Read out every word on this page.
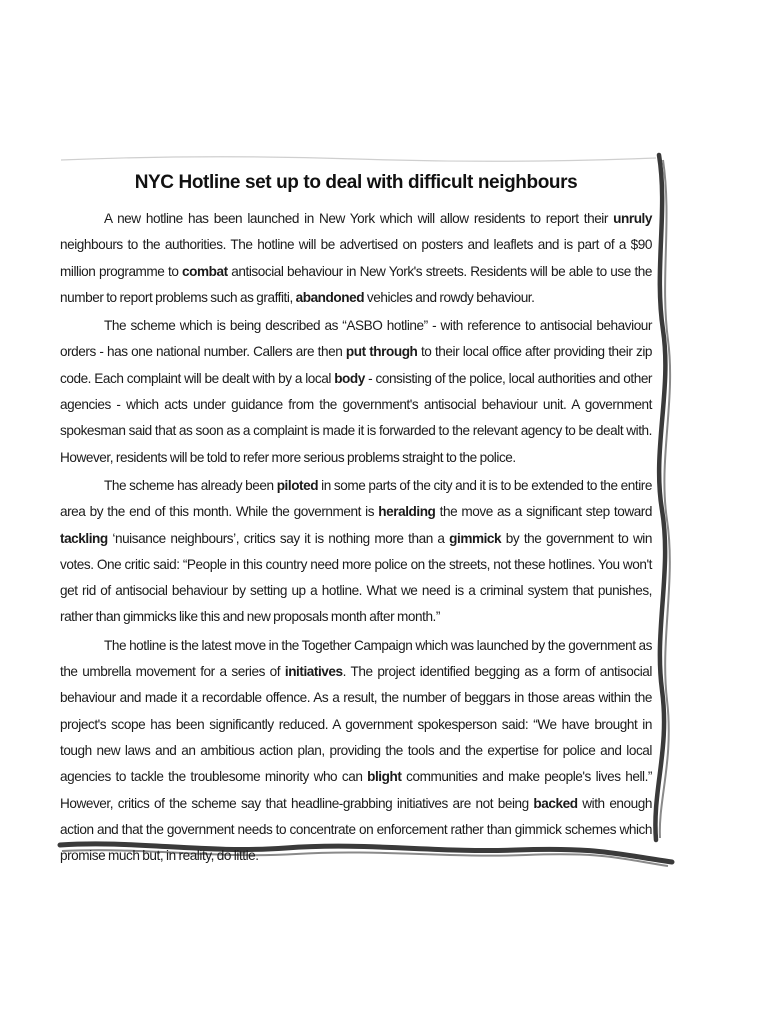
NYC Hotline set up to deal with difficult neighbours

A new hotline has been launched in New York which will allow residents to report their unruly neighbours to the authorities. The hotline will be advertised on posters and leaflets and is part of a $90 million programme to combat antisocial behaviour in New York's streets. Residents will be able to use the number to report problems such as graffiti, abandoned vehicles and rowdy behaviour.

The scheme which is being described as “ASBO hotline” - with reference to antisocial behaviour orders - has one national number. Callers are then put through to their local office after providing their zip code. Each complaint will be dealt with by a local body - consisting of the police, local authorities and other agencies - which acts under guidance from the government's antisocial behaviour unit. A government spokesman said that as soon as a complaint is made it is forwarded to the relevant agency to be dealt with. However, residents will be told to refer more serious problems straight to the police.

The scheme has already been piloted in some parts of the city and it is to be extended to the entire area by the end of this month. While the government is heralding the move as a significant step toward tackling ‘nuisance neighbours’, critics say it is nothing more than a gimmick by the government to win votes. One critic said: “People in this country need more police on the streets, not these hotlines. You won't get rid of antisocial behaviour by setting up a hotline. What we need is a criminal system that punishes, rather than gimmicks like this and new proposals month after month.”

The hotline is the latest move in the Together Campaign which was launched by the government as the umbrella movement for a series of initiatives. The project identified begging as a form of antisocial behaviour and made it a recordable offence. As a result, the number of beggars in those areas within the project's scope has been significantly reduced. A government spokesperson said: “We have brought in tough new laws and an ambitious action plan, providing the tools and the expertise for police and local agencies to tackle the troublesome minority who can blight communities and make people's lives hell.” However, critics of the scheme say that headline-grabbing initiatives are not being backed with enough action and that the government needs to concentrate on enforcement rather than gimmick schemes which promise much but, in reality, do little.
